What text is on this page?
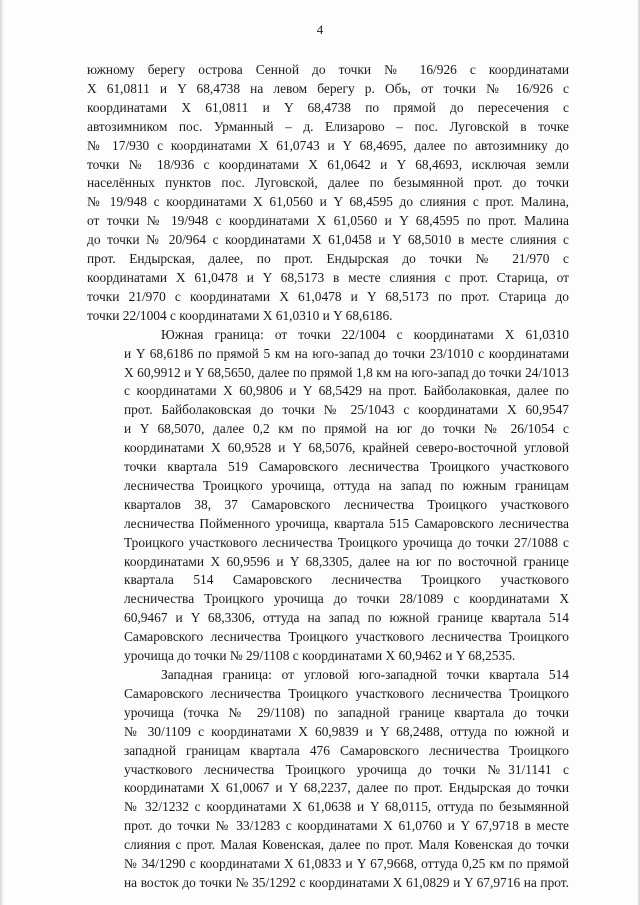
4
южному берегу острова Сенной до точки № 16/926 с координатами
X 61,0811 и Y 68,4738 на левом берегу р. Обь, от точки № 16/926 с
координатами X 61,0811 и Y 68,4738 по прямой до пересечения с
автозимником пос. Урманный – д. Елизарово – пос. Луговской в точке
№ 17/930 с координатами X 61,0743 и Y 68,4695, далее по автозимнику до
точки № 18/936 с координатами X 61,0642 и Y 68,4693, исключая земли
населённых пунктов пос. Луговской, далее по безымянной прот. до точки
№ 19/948 с координатами X 61,0560 и Y 68,4595 до слияния с прот. Малина,
от точки № 19/948 с координатами X 61,0560 и Y 68,4595 по прот. Малина
до точки № 20/964 с координатами X 61,0458 и Y 68,5010 в месте слияния с
прот. Ендырская, далее, по прот. Ендырская до точки № 21/970 с
координатами X 61,0478 и Y 68,5173 в месте слияния с прот. Старица, от
точки 21/970 с координатами X 61,0478 и Y 68,5173 по прот. Старица до
точки 22/1004 с координатами X 61,0310 и Y 68,6186.
Южная граница: от точки 22/1004 с координатами X 61,0310
и Y 68,6186 по прямой 5 км на юго-запад до точки 23/1010 с координатами
X 60,9912 и Y 68,5650, далее по прямой 1,8 км на юго-запад до точки 24/1013
с координатами X 60,9806 и Y 68,5429 на прот. Байболаковкая, далее по
прот. Байболаковская до точки № 25/1043 с координатами X 60,9547
и Y 68,5070, далее 0,2 км по прямой на юг до точки № 26/1054 с
координатами X 60,9528 и Y 68,5076, крайней северо-восточной угловой
точки квартала 519 Самаровского лесничества Троицкого участкового
лесничества Троицкого урочища, оттуда на запад по южным границам
кварталов 38, 37 Самаровского лесничества Троицкого участкового
лесничества Пойменного урочища, квартала 515 Самаровского лесничества
Троицкого участкового лесничества Троицкого урочища до точки 27/1088 с
координатами X 60,9596 и Y 68,3305, далее на юг по восточной границе
квартала 514 Самаровского лесничества Троицкого участкового
лесничества Троицкого урочища до точки 28/1089 с координатами X
60,9467 и Y 68,3306, оттуда на запад по южной границе квартала 514
Самаровского лесничества Троицкого участкового лесничества Троицкого
урочища до точки № 29/1108 с координатами X 60,9462 и Y 68,2535.
Западная граница: от угловой юго-западной точки квартала 514
Самаровского лесничества Троицкого участкового лесничества Троицкого
урочища (точка № 29/1108) по западной границе квартала до точки
№ 30/1109 с координатами X 60,9839 и Y 68,2488, оттуда по южной и
западной границам квартала 476 Самаровского лесничества Троицкого
участкового лесничества Троицкого урочища до точки №31/1141 с
координатами X 61,0067 и Y 68,2237, далее по прот. Ендырская до точки
№ 32/1232 с координатами X 61,0638 и Y 68,0115, оттуда по безымянной
прот. до точки № 33/1283 с координатами X 61,0760 и Y 67,9718 в месте
слияния с прот. Малая Ковенская, далее по прот. Маля Ковенская до точки
№ 34/1290 с координатами X 61,0833 и Y 67,9668, оттуда 0,25 км по прямой
на восток до точки № 35/1292 с координатами X 61,0829 и Y 67,9716 на прот.
